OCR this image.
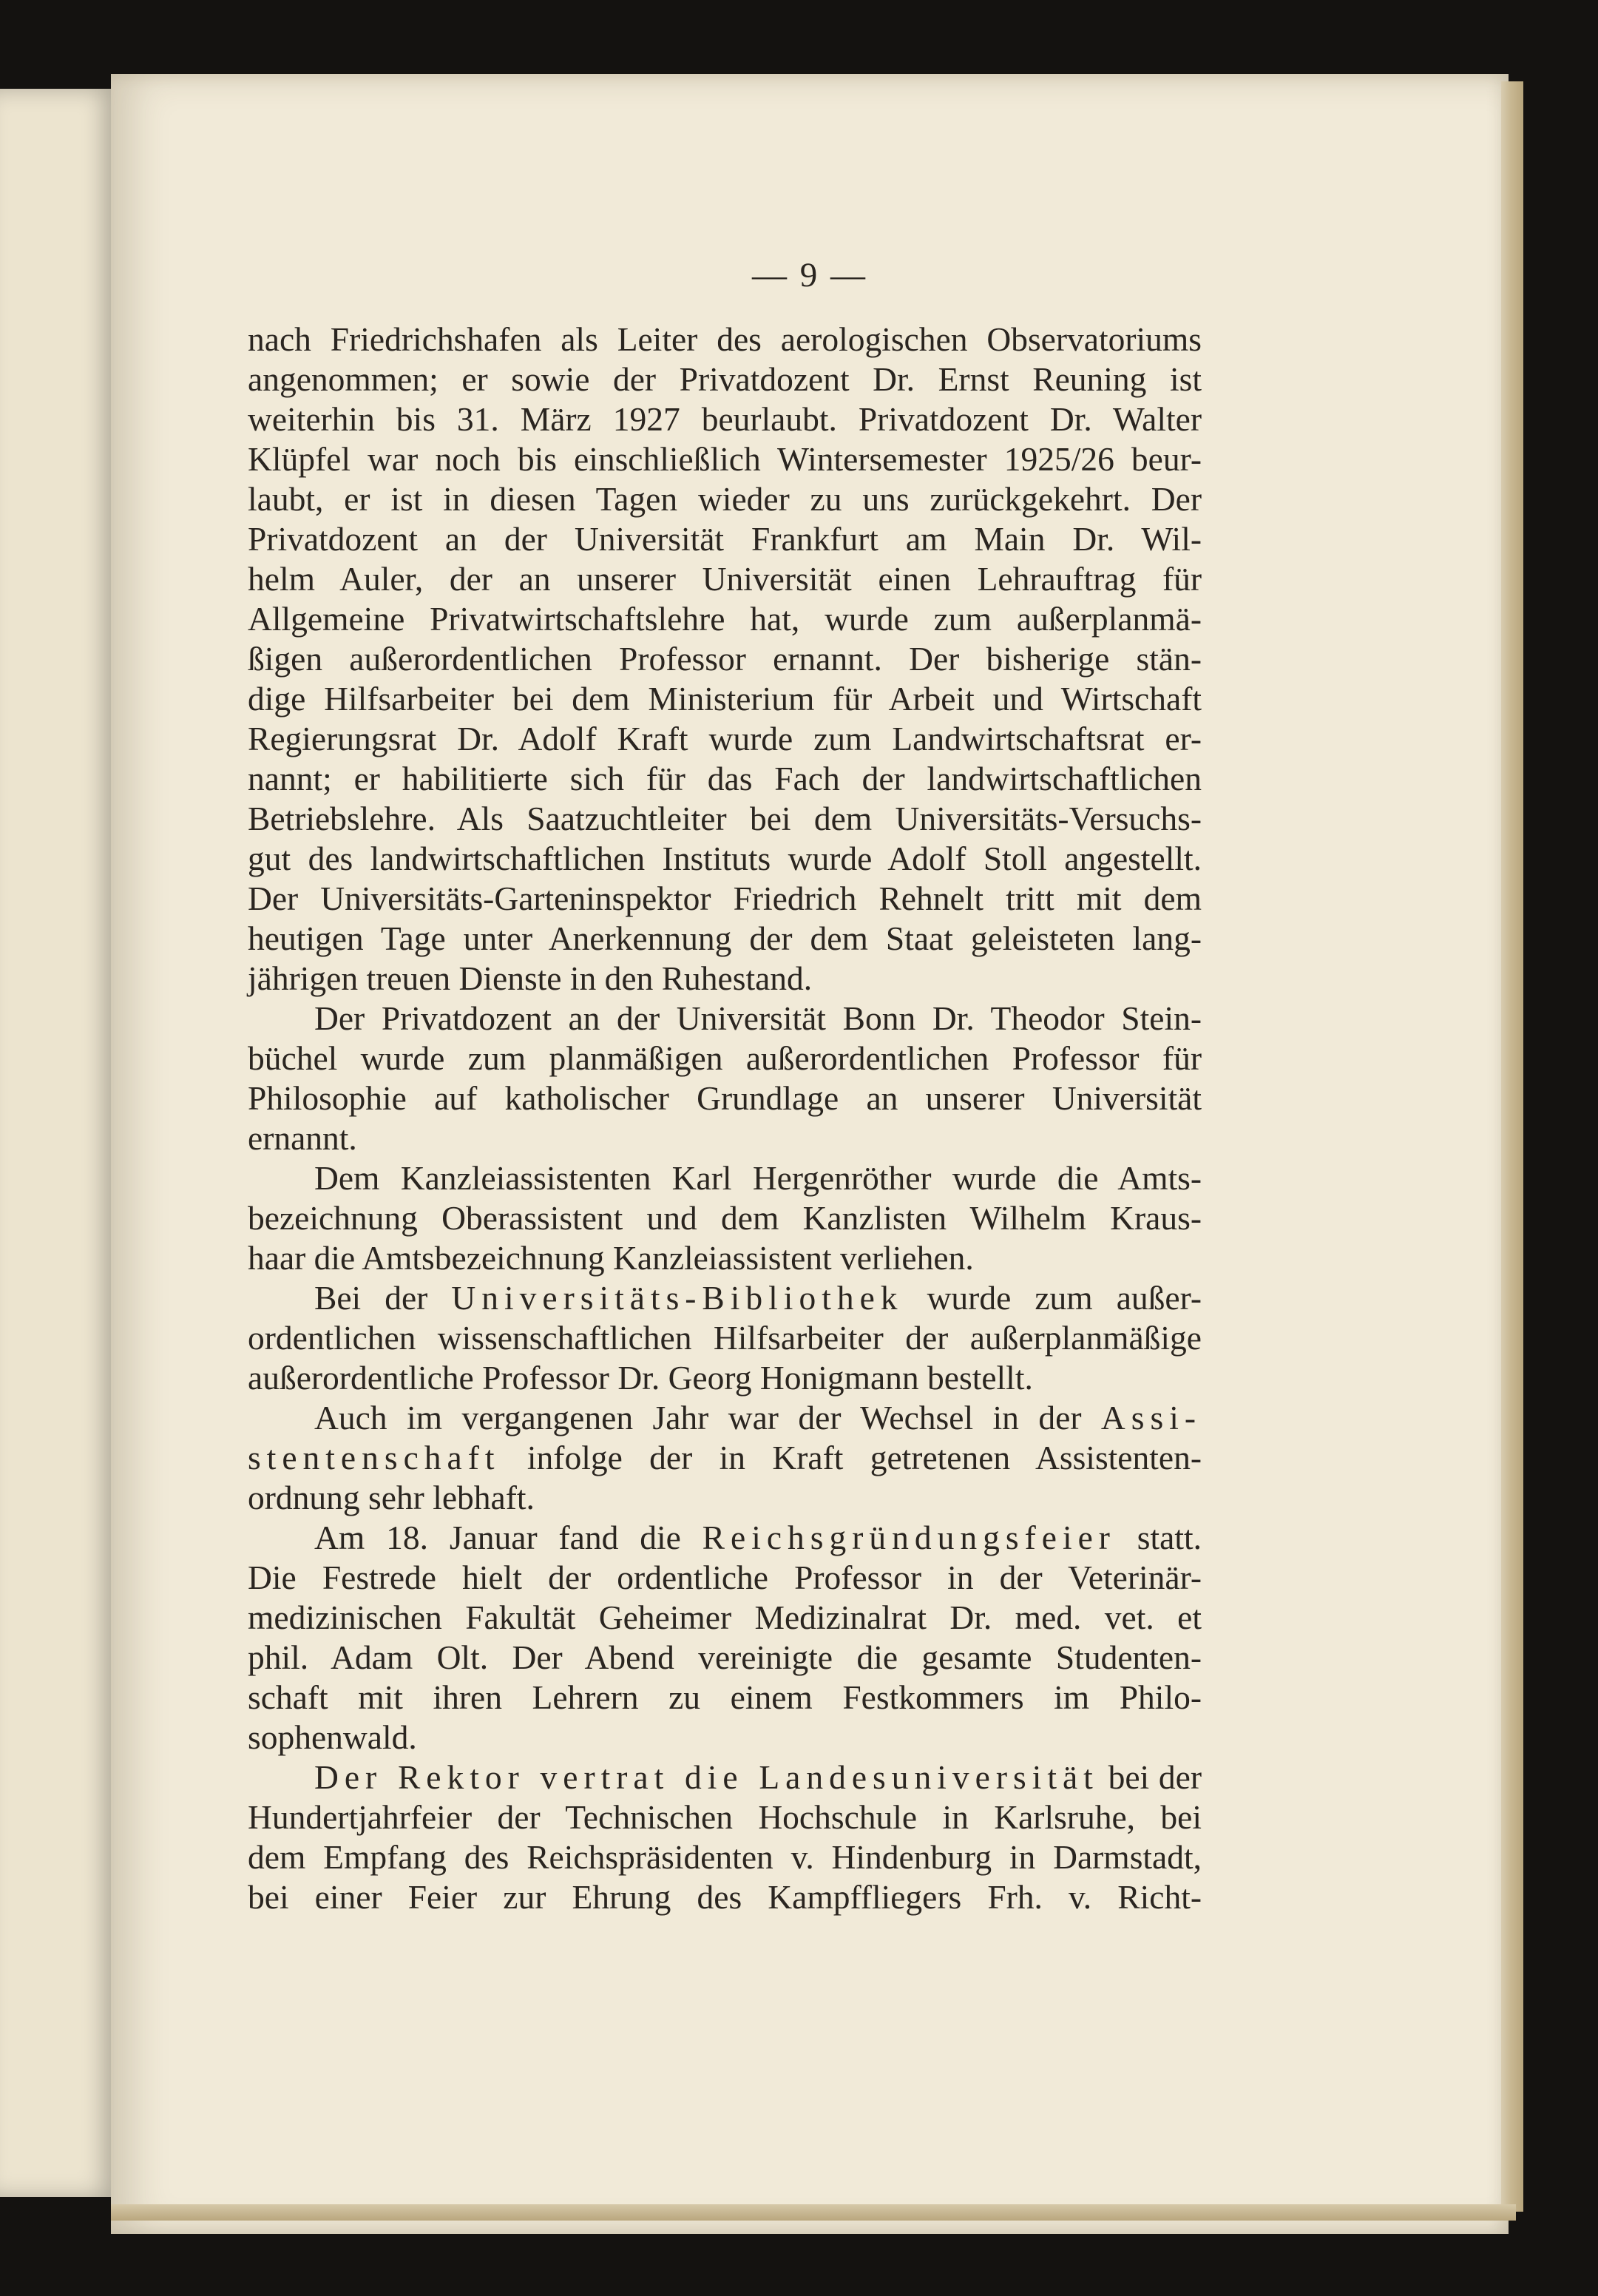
— 9 —
nach Friedrichshafen als Leiter des aerologischen Observatoriums
angenommen; er sowie der Privatdozent Dr. Ernst Reuning ist
weiterhin bis 31. März 1927 beurlaubt. Privatdozent Dr. Walter
Klüpfel war noch bis einschließlich Wintersemester 1925/26 beur-
laubt, er ist in diesen Tagen wieder zu uns zurückgekehrt. Der
Privatdozent an der Universität Frankfurt am Main Dr. Wil-
helm Auler, der an unserer Universität einen Lehrauftrag für
Allgemeine Privatwirtschaftslehre hat, wurde zum außerplanmä-
ßigen außerordentlichen Professor ernannt. Der bisherige stän-
dige Hilfsarbeiter bei dem Ministerium für Arbeit und Wirtschaft
Regierungsrat Dr. Adolf Kraft wurde zum Landwirtschaftsrat er-
nannt; er habilitierte sich für das Fach der landwirtschaftlichen
Betriebslehre. Als Saatzuchtleiter bei dem Universitäts-Versuchs-
gut des landwirtschaftlichen Instituts wurde Adolf Stoll angestellt.
Der Universitäts-Garteninspektor Friedrich Rehnelt tritt mit dem
heutigen Tage unter Anerkennung der dem Staat geleisteten lang-
jährigen treuen Dienste in den Ruhestand.
Der Privatdozent an der Universität Bonn Dr. Theodor Stein-
büchel wurde zum planmäßigen außerordentlichen Professor für
Philosophie auf katholischer Grundlage an unserer Universität
ernannt.
Dem Kanzleiassistenten Karl Hergenröther wurde die Amts-
bezeichnung Oberassistent und dem Kanzlisten Wilhelm Kraus-
haar die Amtsbezeichnung Kanzleiassistent verliehen.
Bei der Universitäts-Bibliothek wurde zum außer-
ordentlichen wissenschaftlichen Hilfsarbeiter der außerplanmäßige
außerordentliche Professor Dr. Georg Honigmann bestellt.
Auch im vergangenen Jahr war der Wechsel in der Assi-
stentenschaft infolge der in Kraft getretenen Assistenten-
ordnung sehr lebhaft.
Am 18. Januar fand die Reichsgründungsfeier statt.
Die Festrede hielt der ordentliche Professor in der Veterinär-
medizinischen Fakultät Geheimer Medizinalrat Dr. med. vet. et
phil. Adam Olt. Der Abend vereinigte die gesamte Studenten-
schaft mit ihren Lehrern zu einem Festkommers im Philo-
sophenwald.
Der Rektor vertrat die Landesuniversität bei der
Hundertjahrfeier der Technischen Hochschule in Karlsruhe, bei
dem Empfang des Reichspräsidenten v. Hindenburg in Darmstadt,
bei einer Feier zur Ehrung des Kampffliegers Frh. v. Richt-
